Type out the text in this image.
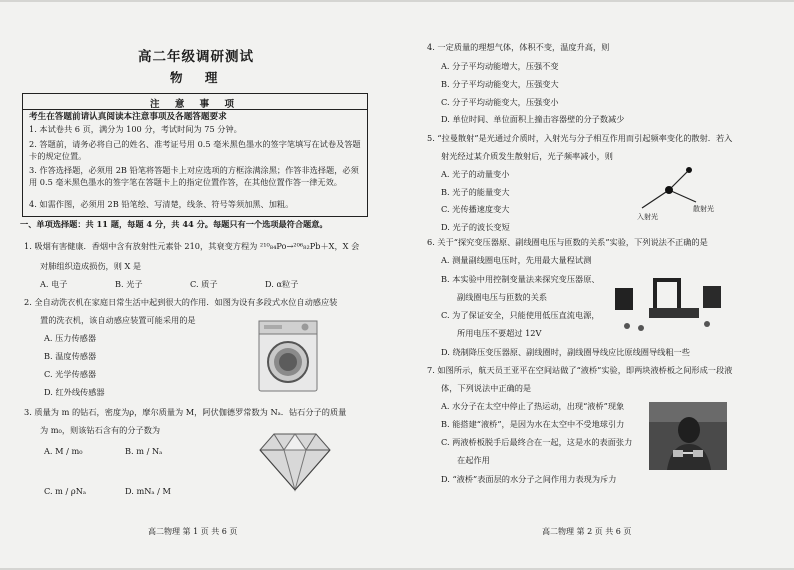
高二年级调研测试
物 理
注 意 事 项
考生在答题前请认真阅读本注意事项及各题答题要求
1. 本试卷共 6 页，满分为 100 分，考试时间为 75 分钟。
2. 答题前，请务必将自己的姓名、准考证号用 0.5 毫米黑色墨水的签字笔填写在试卷及答题卡的规定位置。
3. 作答选择题，必须用 2B 铅笔将答题卡上对应选项的方框涂满涂黑；作答非选择题，必须用 0.5 毫米黑色墨水的签字笔在答题卡上的指定位置作答，在其他位置作答一律无效。
4. 如需作图，必须用 2B 铅笔绘、写清楚，线条、符号等须加黑、加粗。
一、单项选择题：共 11 题，每题 4 分，共 44 分。每题只有一个选项最符合题意。
1. 吸烟有害健康．香烟中含有放射性元素钋 210，其衰变方程为 ²¹⁰₈₄Po→²⁰⁶₈₂Pb＋X，X 会
对肺组织造成损伤，则 X 是
A. 电子	B. 光子	C. 质子	D. α粒子
2. 全自动洗衣机在家庭日常生活中起到很大的作用．如图为设有多段式水位自动感应装
置的洗衣机，该自动感应装置可能采用的是
A. 压力传感器
B. 温度传感器
C. 光学传感器
D. 红外线传感器
3. 质量为 m 的钻石，密度为ρ，摩尔质量为 M，阿伏伽德罗常数为 Nₐ．钻石分子的质量
为 m₀，则该钻石含有的分子数为
A. M / m₀	B. m / Nₐ
C. m / ρNₐ	D. mNₐ / M
高二物理 第 1 页 共 6 页
4. 一定质量的理想气体，体积不变，温度升高，则
A. 分子平均动能增大，压强不变
B. 分子平均动能变大，压强变大
C. 分子平均动能变大，压强变小
D. 单位时间、单位面积上撞击容器壁的分子数减少
5. “拉曼散射”是光通过介质时，入射光与分子相互作用而引起频率变化的散射．若入
射光经过某介质发生散射后，光子频率减小，则
A. 光子的动量变小
B. 光子的能量变大
C. 光传播速度变大
D. 光子的波长变短
入射光
散射光
6. 关于“探究变压器原、副线圈电压与匝数的关系”实验，下列说法不正确的是
A. 测量副线圈电压时，先用最大量程试测
B. 本实验中用控制变量法来探究变压器原、
副线圈电压与匝数的关系
C. 为了保证安全，只能使用低压直流电源，
所用电压不要超过 12V
D. 绕制降压变压器原、副线圈时，副线圈导线应比原线圈导线粗一些
7. 如图所示，航天员王亚平在空间站做了“液桥”实验，即两块液桥板之间形成一段液
体，下列说法中正确的是
A. 水分子在太空中停止了热运动，出现“液桥”现象
B. 能搭建“液桥”，是因为水在太空中不受地球引力
C. 两液桥板脱手后最终合在一起，这是水的表面张力
在起作用
D. “液桥”表面层的水分子之间作用力表现为斥力
高二物理 第 2 页 共 6 页
